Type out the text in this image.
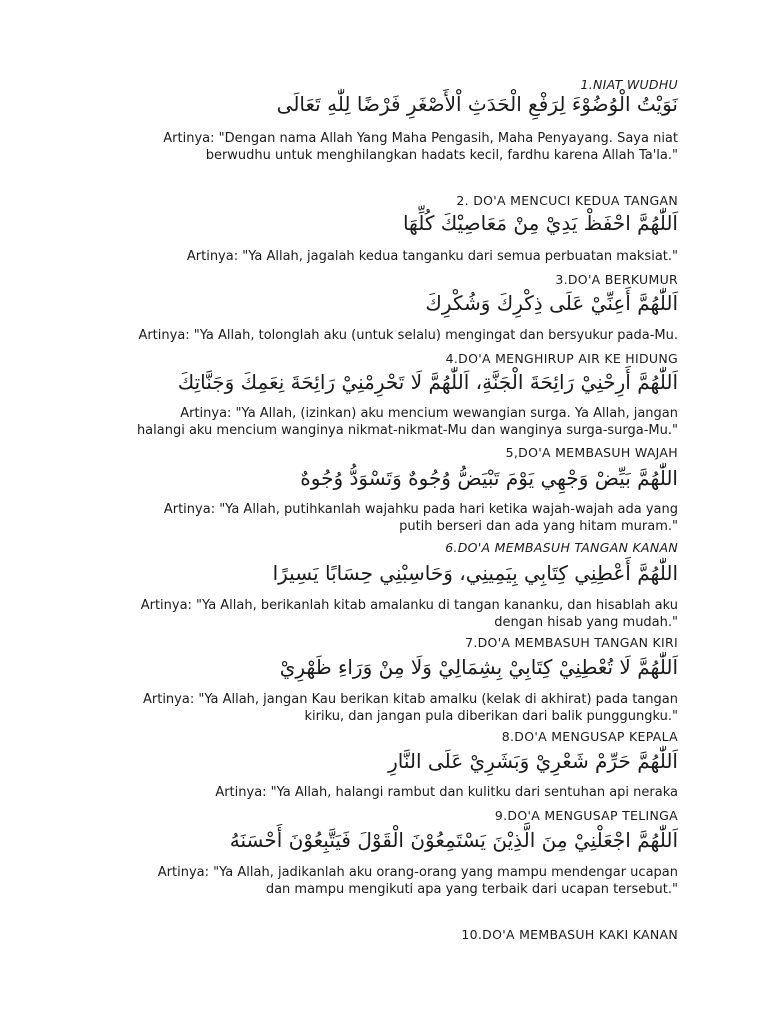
1.NIAT WUDHU
نَوَيْتُ الْوُضُوْءَ لِرَفْعِ الْحَدَثِ اْلأَصْغَرِ فَرْضًا لِلّٰهِ تَعَالَى
Artinya: "Dengan nama Allah Yang Maha Pengasih, Maha Penyayang. Saya niat
berwudhu untuk menghilangkan hadats kecil, fardhu karena Allah Ta'la."
2. DO'A MENCUCI KEDUA TANGAN
اَللّٰهُمَّ احْفَظْ يَدِيْ مِنْ مَعَاصِيْكَ كُلِّهَا
Artinya: "Ya Allah, jagalah kedua tanganku dari semua perbuatan maksiat."
3.DO'A BERKUMUR
اَللّٰهُمَّ أَعِنِّيْ عَلَى ذِكْرِكَ وَشُكْرِكَ
Artinya: "Ya Allah, tolonglah aku (untuk selalu) mengingat dan bersyukur pada-Mu.
4.DO'A MENGHIRUP AIR KE HIDUNG
اَللّٰهُمَّ أَرِحْنِيْ رَائِحَةَ الْجَنَّةِ، اَللّٰهُمَّ لَا تَحْرِمْنِيْ رَائِحَةَ نِعَمِكَ وَجَنَّاتِكَ
Artinya: "Ya Allah, (izinkan) aku mencium wewangian surga. Ya Allah, jangan
halangi aku mencium wanginya nikmat-nikmat-Mu dan wanginya surga-surga-Mu."
5,DO'A MEMBASUH WAJAH
اللّٰهُمَّ بَيِّضْ وَجْهِي يَوْمَ تَبْيَضُّ وُجُوهٌ وَتَسْوَدُّ وُجُوهٌ
Artinya: "Ya Allah, putihkanlah wajahku pada hari ketika wajah-wajah ada yang
putih berseri dan ada yang hitam muram."
6.DO'A MEMBASUH TANGAN KANAN
اللّٰهُمَّ أَعْطِنِي كِتَابِي بِيَمِينِي، وَحَاسِبْنِي حِسَابًا يَسِيرًا
Artinya: "Ya Allah, berikanlah kitab amalanku di tangan kananku, dan hisablah aku
dengan hisab yang mudah."
7.DO'A MEMBASUH TANGAN KIRI
اَللّٰهُمَّ لَا تُعْطِنِيْ كِتَابِيْ بِشِمَالِيْ وَلَا مِنْ وَرَاءِ ظَهْرِيْ
Artinya: "Ya Allah, jangan Kau berikan kitab amalku (kelak di akhirat) pada tangan
kiriku, dan jangan pula diberikan dari balik punggungku."
8.DO'A MENGUSAP KEPALA
اَللّٰهُمَّ حَرِّمْ شَعْرِيْ وَبَشَرِيْ عَلَى النَّارِ
Artinya: "Ya Allah, halangi rambut dan kulitku dari sentuhan api neraka
9.DO'A MENGUSAP TELINGA
اَللّٰهُمَّ اجْعَلْنِيْ مِنَ الَّذِيْنَ يَسْتَمِعُوْنَ الْقَوْلَ فَيَتَّبِعُوْنَ أَحْسَنَهُ
Artinya: "Ya Allah, jadikanlah aku orang-orang yang mampu mendengar ucapan
dan mampu mengikuti apa yang terbaik dari ucapan tersebut."
10.DO'A MEMBASUH KAKI KANAN
